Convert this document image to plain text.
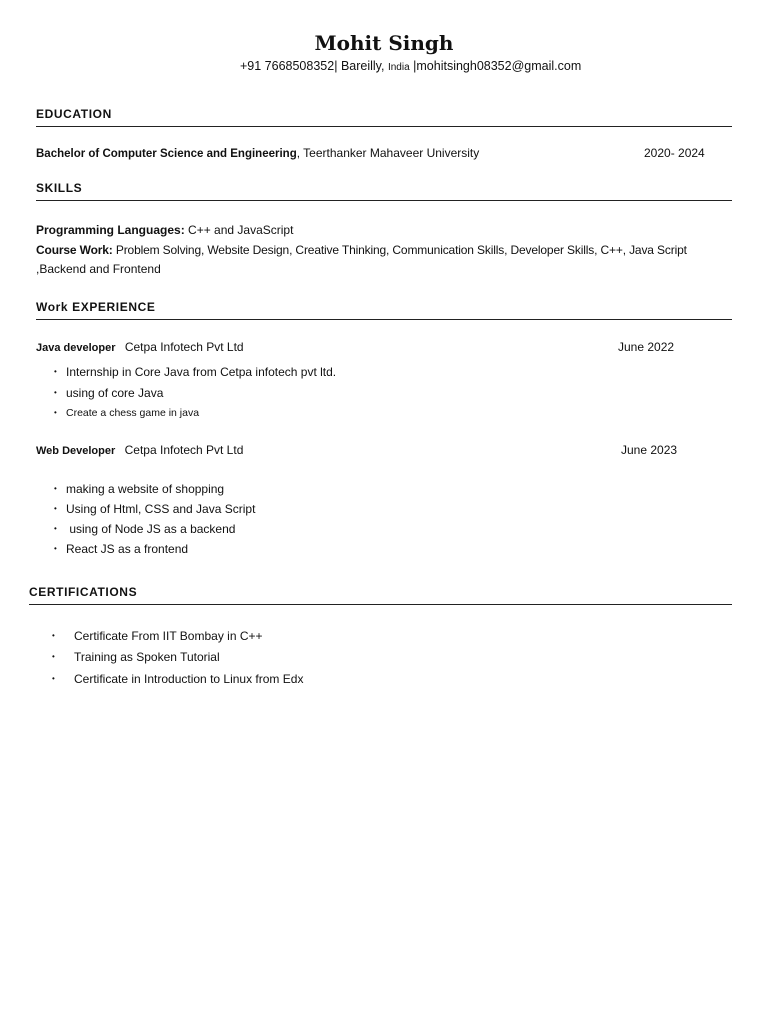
Mohit Singh
+91 7668508352| Bareilly, India |mohitsingh08352@gmail.com
EDUCATION
Bachelor of Computer Science and Engineering, Teerthanker Mahaveer University	2020- 2024
SKILLS
Programming Languages: C++ and JavaScript
Course Work: Problem Solving, Website Design, Creative Thinking, Communication Skills, Developer Skills, C++, Java Script
,Backend and Frontend
Work EXPERIENCE
Java developer Cetpa Infotech Pvt Ltd	June 2022
• Internship in Core Java from Cetpa infotech pvt ltd.
• using of core Java
• Create a chess game in java
Web Developer Cetpa Infotech Pvt Ltd	June 2023
• making a website of shopping
• Using of Html, CSS and Java Script
• using of Node JS as a backend
• React JS as a frontend
CERTIFICATIONS
• Certificate From IIT Bombay in C++
• Training as Spoken Tutorial
• Certificate in Introduction to Linux from Edx
